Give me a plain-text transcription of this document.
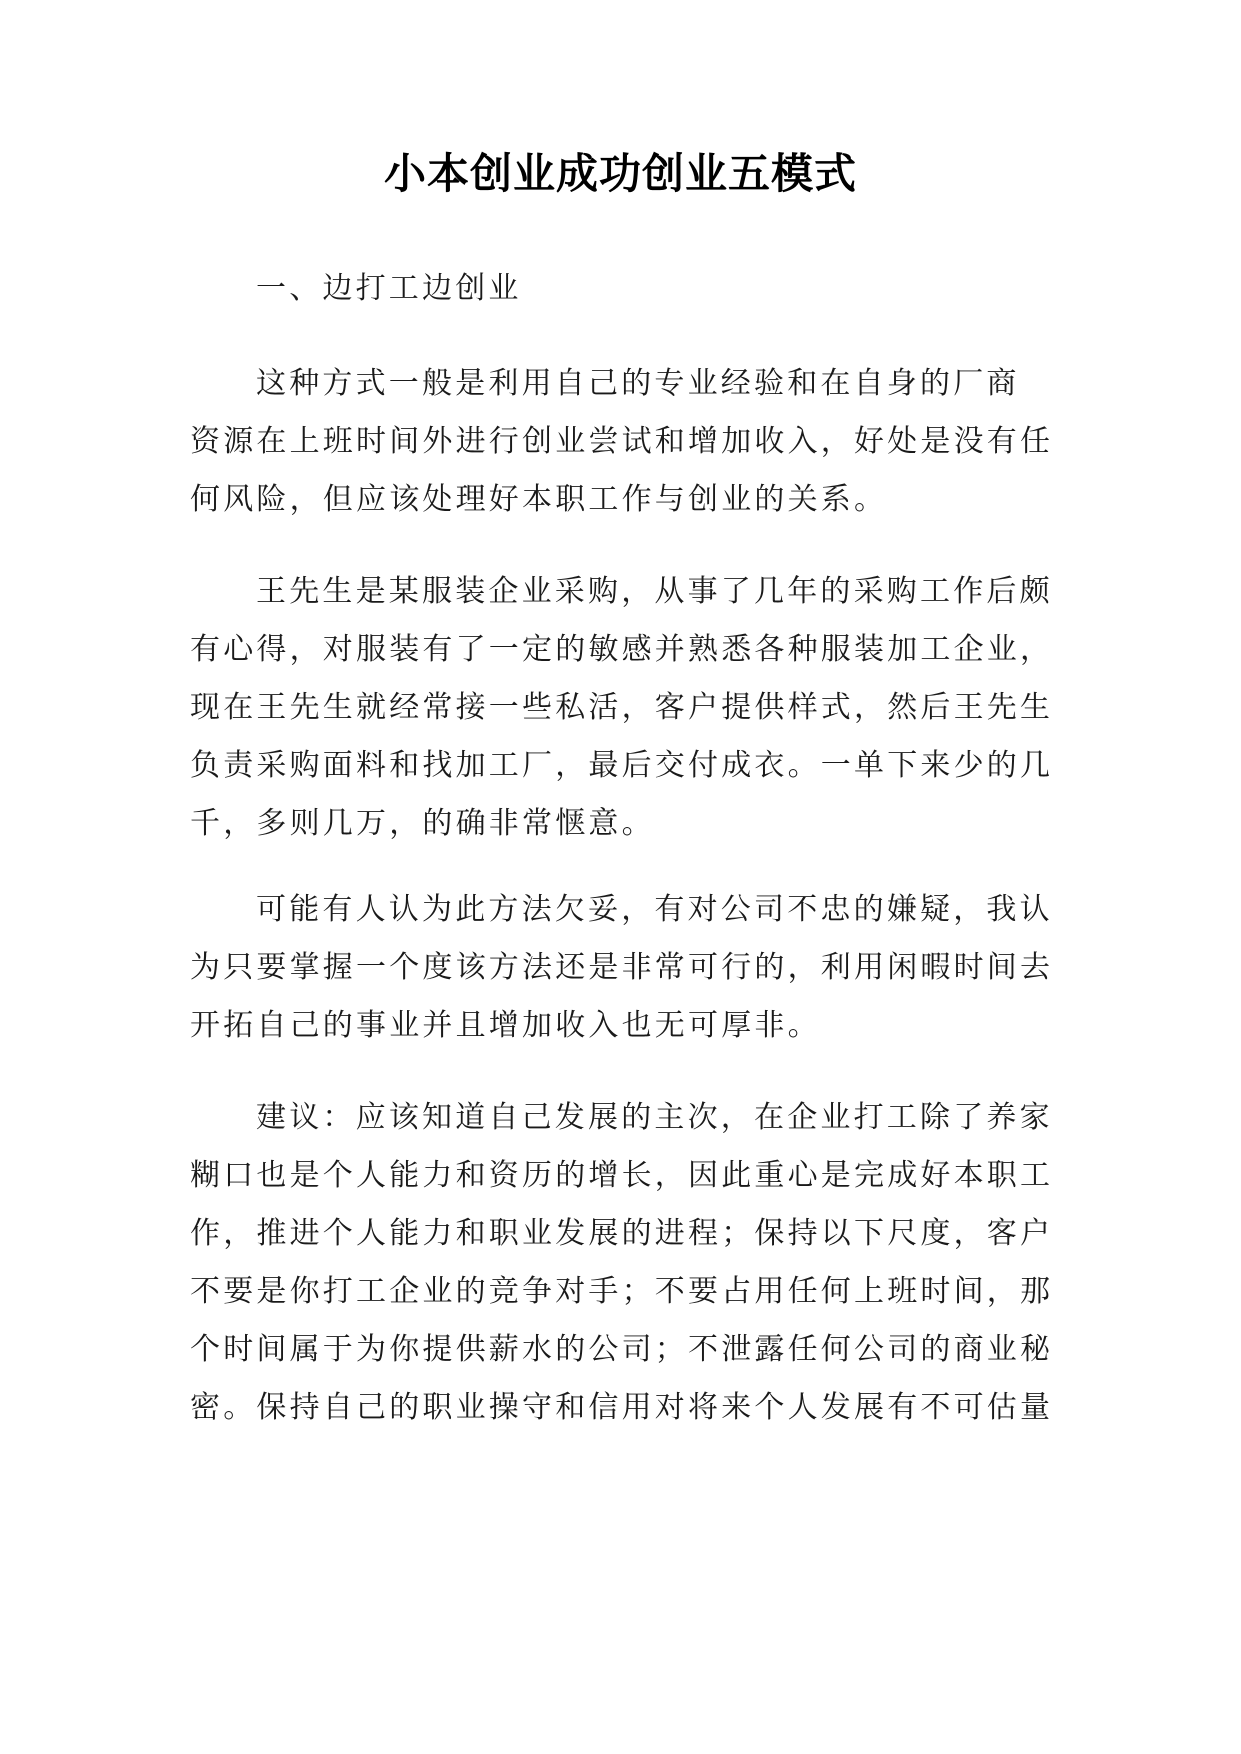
小本创业成功创业五模式
一、边打工边创业
这种方式一般是利用自己的专业经验和在自身的厂商
资源在上班时间外进行创业尝试和增加收入，好处是没有任
何风险，但应该处理好本职工作与创业的关系。
王先生是某服装企业采购，从事了几年的采购工作后颇
有心得，对服装有了一定的敏感并熟悉各种服装加工企业，
现在王先生就经常接一些私活，客户提供样式，然后王先生
负责采购面料和找加工厂，最后交付成衣。一单下来少的几
千，多则几万，的确非常惬意。
可能有人认为此方法欠妥，有对公司不忠的嫌疑，我认
为只要掌握一个度该方法还是非常可行的，利用闲暇时间去
开拓自己的事业并且增加收入也无可厚非。
建议：应该知道自己发展的主次，在企业打工除了养家
糊口也是个人能力和资历的增长，因此重心是完成好本职工
作，推进个人能力和职业发展的进程；保持以下尺度，客户
不要是你打工企业的竞争对手；不要占用任何上班时间，那
个时间属于为你提供薪水的公司；不泄露任何公司的商业秘
密。保持自己的职业操守和信用对将来个人发展有不可估量
